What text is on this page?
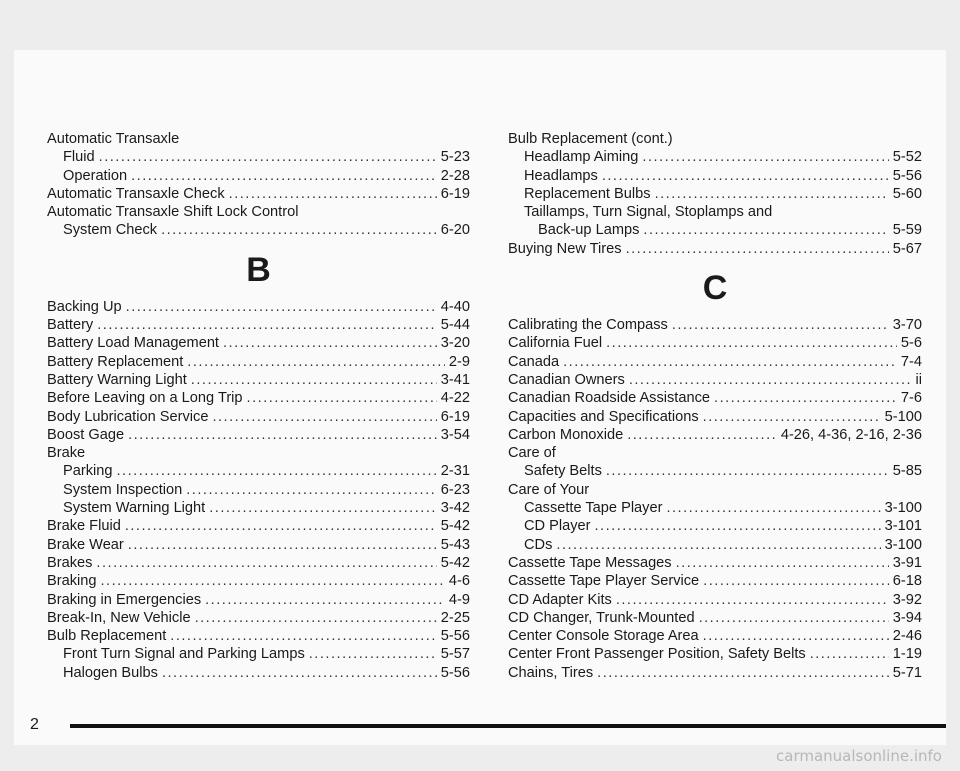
Automatic Transaxle
Fluid .....	5-23
Operation .....	2-28
Automatic Transaxle Check .....	6-19
Automatic Transaxle Shift Lock Control
System Check .....	6-20
B
Backing Up .....	4-40
Battery .....	5-44
Battery Load Management .....	3-20
Battery Replacement .....	2-9
Battery Warning Light .....	3-41
Before Leaving on a Long Trip .....	4-22
Body Lubrication Service .....	6-19
Boost Gage .....	3-54
Brake
Parking .....	2-31
System Inspection .....	6-23
System Warning Light .....	3-42
Brake Fluid .....	5-42
Brake Wear .....	5-43
Brakes .....	5-42
Braking .....	4-6
Braking in Emergencies .....	4-9
Break-In, New Vehicle .....	2-25
Bulb Replacement .....	5-56
Front Turn Signal and Parking Lamps .....	5-57
Halogen Bulbs .....	5-56
Bulb Replacement (cont.)
Headlamp Aiming .....	5-52
Headlamps .....	5-56
Replacement Bulbs .....	5-60
Taillamps, Turn Signal, Stoplamps and
Back-up Lamps .....	5-59
Buying New Tires .....	5-67
C
Calibrating the Compass .....	3-70
California Fuel .....	5-6
Canada .....	7-4
Canadian Owners .....	ii
Canadian Roadside Assistance .....	7-6
Capacities and Specifications .....	5-100
Carbon Monoxide .....	4-26, 4-36, 2-16, 2-36
Care of
Safety Belts .....	5-85
Care of Your
Cassette Tape Player .....	3-100
CD Player .....	3-101
CDs .....	3-100
Cassette Tape Messages .....	3-91
Cassette Tape Player Service .....	6-18
CD Adapter Kits .....	3-92
CD Changer, Trunk-Mounted .....	3-94
Center Console Storage Area .....	2-46
Center Front Passenger Position, Safety Belts .....	1-19
Chains, Tires .....	5-71
2
carmanualsonline.info
